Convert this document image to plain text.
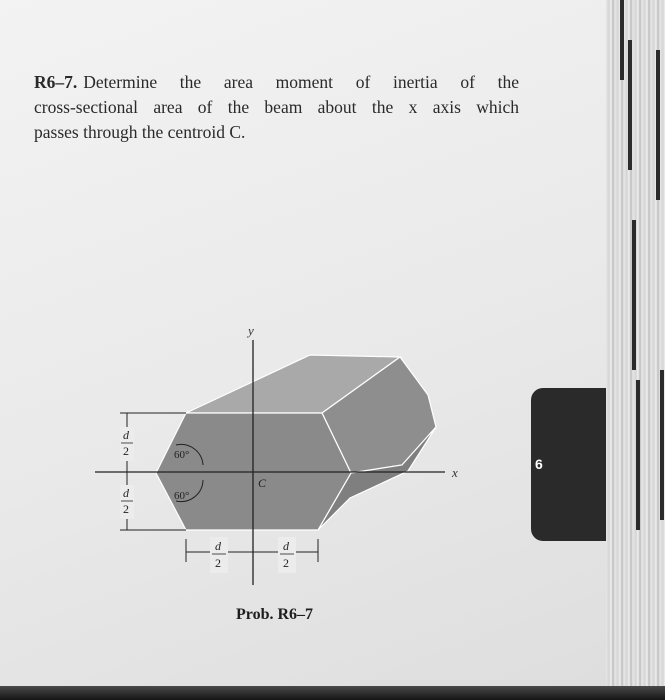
R6–7. Determine the area moment of inertia of the
cross-sectional area of the beam about the x axis which
passes through the centroid C.
y
x
C
60°
60°
d
2
d
2
d
2
d
2
Prob. R6–7
6
